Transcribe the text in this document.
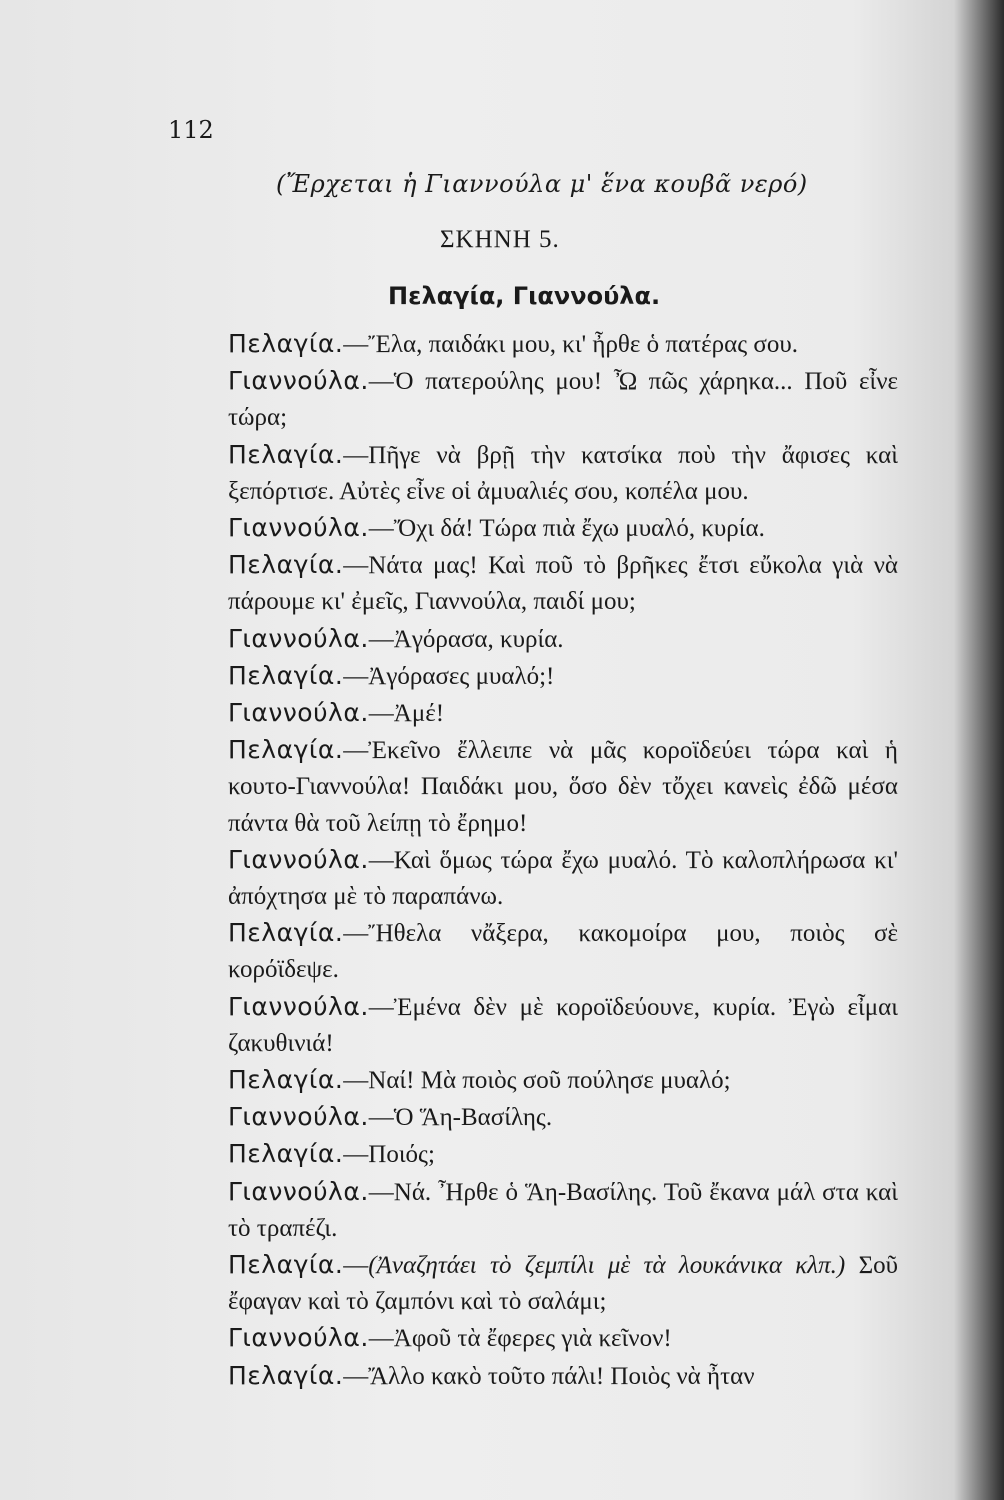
112
(Ἔρχεται ἡ Γιαννούλα μ' ἕνα κουβᾶ νερό)
ΣΚΗΝΗ 5.
Πελαγία, Γιαννούλα.

Πελαγία.—Ἔλα, παιδάκι μου, κι' ἦρθε ὁ πατέρας σου.

Γιαννούλα.—Ὁ πατερούλης μου! Ὦ πῶς χάρηκα... Ποῦ εἶνε τώρα;

Πελαγία.—Πῆγε νὰ βρῇ τὴν κατσίκα ποὺ τὴν ἄφισες καὶ ξεπόρτισε. Αὐτὲς εἶνε οἱ ἀμυαλιές σου, κοπέλα μου.

Γιαννούλα.—Ὄχι δά! Τώρα πιὰ ἔχω μυαλό, κυρία.

Πελαγία.—Νάτα μας! Καὶ ποῦ τὸ βρῆκες ἔτσι εὔκολα γιὰ νὰ πάρουμε κι' ἐμεῖς, Γιαννούλα, παιδί μου;

Γιαννούλα.—Ἀγόρασα, κυρία.

Πελαγία.—Ἀγόρασες μυαλό;!

Γιαννούλα.—Ἀμέ!

Πελαγία.—Ἐκεῖνο ἔλλειπε νὰ μᾶς κοροϊδεύει τώρα καὶ ἡ κουτο-Γιαννούλα! Παιδάκι μου, ὅσο δὲν τὄχει κανεὶς ἐδῶ μέσα πάντα θὰ τοῦ λείπῃ τὸ ἔρημο!

Γιαννούλα.—Καὶ ὅμως τώρα ἔχω μυαλό. Τὸ καλοπλήρωσα κι' ἀπόχτησα μὲ τὸ παραπάνω.

Πελαγία.—Ἤθελα νἄξερα, κακομοίρα μου, ποιὸς σὲ κορόϊδεψε.

Γιαννούλα.—Ἐμένα δὲν μὲ κοροϊδεύουνε, κυρία. Ἐγὼ εἶμαι ζακυθινιά!

Πελαγία.—Ναί! Μὰ ποιὸς σοῦ πούλησε μυαλό;

Γιαννούλα.—Ὁ Ἅη-Βασίλης.

Πελαγία.—Ποιός;

Γιαννούλα.—Νά. Ἦρθε ὁ Ἅη-Βασίλης. Τοῦ ἔκανα μάλ στα καὶ τὸ τραπέζι.

Πελαγία.—(Ἀναζητάει τὸ ζεμπίλι μὲ τὰ λουκάνικα κλπ.) Σοῦ ἔφαγαν καὶ τὸ ζαμπόνι καὶ τὸ σαλάμι;

Γιαννούλα.—Ἀφοῦ τὰ ἔφερες γιὰ κεῖνον!

Πελαγία.—Ἄλλο κακὸ τοῦτο πάλι! Ποιὸς νὰ ἦταν
